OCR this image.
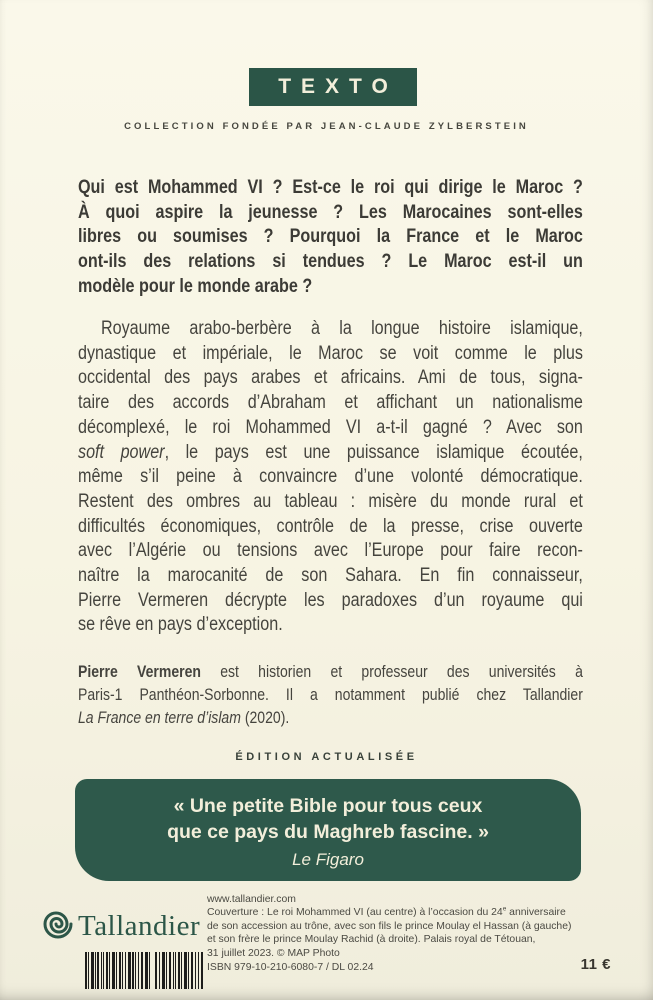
TEXTO
COLLECTION FONDÉE PAR JEAN-CLAUDE ZYLBERSTEIN
Qui est Mohammed VI ? Est-ce le roi qui dirige le Maroc ?
À quoi aspire la jeunesse ? Les Marocaines sont-elles
libres ou soumises ? Pourquoi la France et le Maroc
ont-ils des relations si tendues ? Le Maroc est-il un
modèle pour le monde arabe ?
Royaume arabo-berbère à la longue histoire islamique,
dynastique et impériale, le Maroc se voit comme le plus
occidental des pays arabes et africains. Ami de tous, signa-
taire des accords d’Abraham et affichant un nationalisme
décomplexé, le roi Mohammed VI a-t-il gagné ? Avec son
soft power, le pays est une puissance islamique écoutée,
même s’il peine à convaincre d’une volonté démocratique.
Restent des ombres au tableau : misère du monde rural et
difficultés économiques, contrôle de la presse, crise ouverte
avec l’Algérie ou tensions avec l’Europe pour faire recon-
naître la marocanité de son Sahara. En fin connaisseur,
Pierre Vermeren décrypte les paradoxes d’un royaume qui
se rêve en pays d’exception.
Pierre Vermeren est historien et professeur des universités à
Paris-1 Panthéon-Sorbonne. Il a notamment publié chez Tallandier
La France en terre d’islam (2020).
ÉDITION ACTUALISÉE
« Une petite Bible pour tous ceux
que ce pays du Maghreb fascine. »
Le Figaro
Tallandier
www.tallandier.com
Couverture : Le roi Mohammed VI (au centre) à l’occasion du 24e anniversaire
de son accession au trône, avec son fils le prince Moulay el Hassan (à gauche)
et son frère le prince Moulay Rachid (à droite). Palais royal de Tétouan,
31 juillet 2023. © MAP Photo
ISBN 979-10-210-6080-7 / DL 02.24	11 €
